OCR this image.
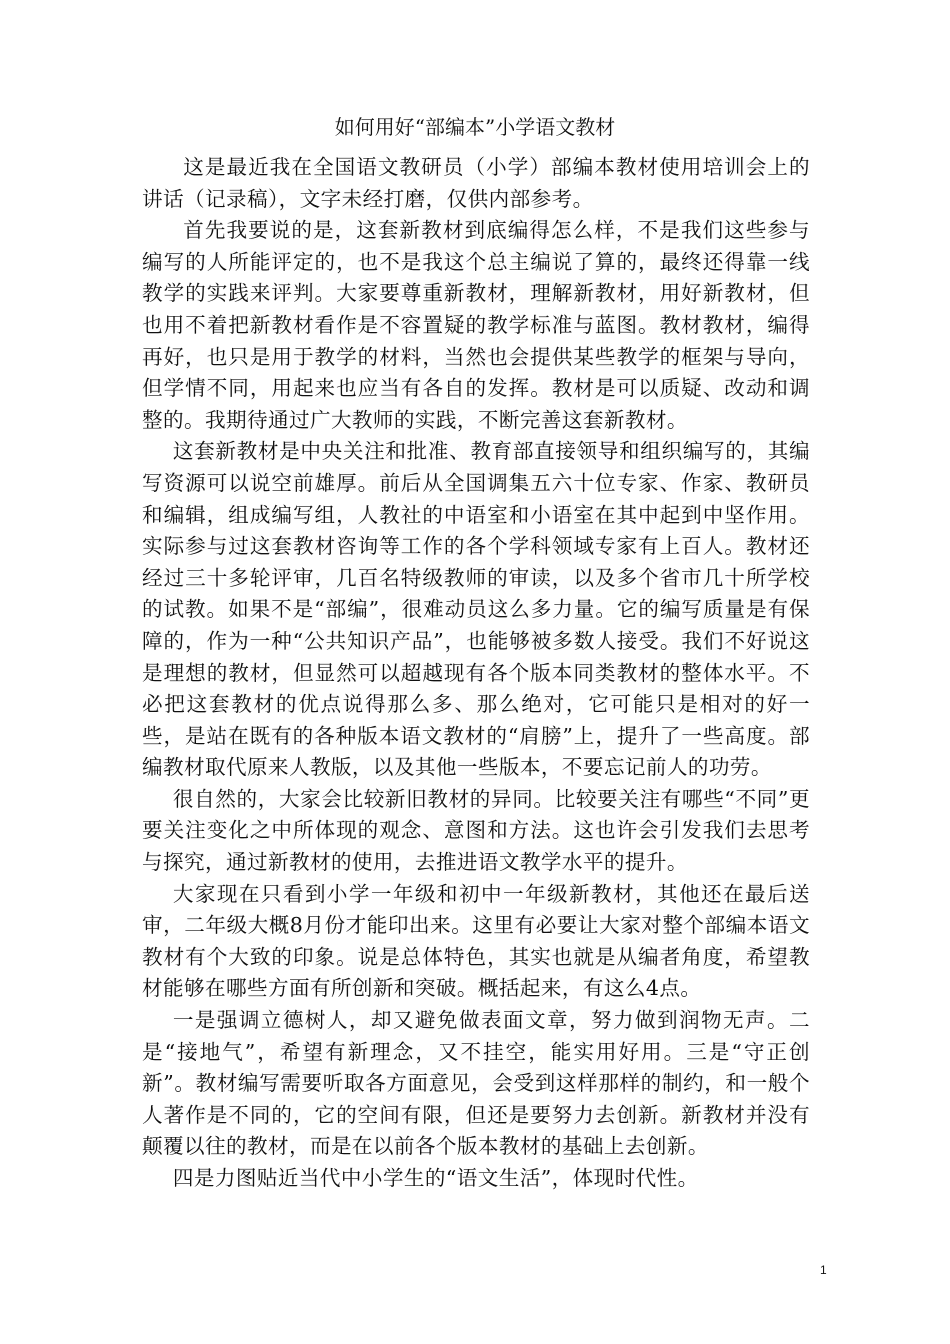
如何用好“部编本”小学语文教材

这是最近我在全国语文教研员（小学）部编本教材使用培训会上的讲话（记录稿），文字未经打磨，仅供内部参考。

首先我要说的是，这套新教材到底编得怎么样，不是我们这些参与编写的人所能评定的，也不是我这个总主编说了算的，最终还得靠一线教学的实践来评判。大家要尊重新教材，理解新教材，用好新教材，但也用不着把新教材看作是不容置疑的教学标准与蓝图。教材教材，编得再好，也只是用于教学的材料，当然也会提供某些教学的框架与导向，但学情不同，用起来也应当有各自的发挥。教材是可以质疑、改动和调整的。我期待通过广大教师的实践，不断完善这套新教材。

这套新教材是中央关注和批准、教育部直接领导和组织编写的，其编写资源可以说空前雄厚。前后从全国调集五六十位专家、作家、教研员和编辑，组成编写组，人教社的中语室和小语室在其中起到中坚作用。实际参与过这套教材咨询等工作的各个学科领域专家有上百人。教材还经过三十多轮评审，几百名特级教师的审读，以及多个省市几十所学校的试教。如果不是“部编”，很难动员这么多力量。它的编写质量是有保障的，作为一种“公共知识产品”，也能够被多数人接受。我们不好说这是理想的教材，但显然可以超越现有各个版本同类教材的整体水平。不必把这套教材的优点说得那么多、那么绝对，它可能只是相对的好一些，是站在既有的各种版本语文教材的“肩膀”上，提升了一些高度。部编教材取代原来人教版，以及其他一些版本，不要忘记前人的功劳。

很自然的，大家会比较新旧教材的异同。比较要关注有哪些“不同”更要关注变化之中所体现的观念、意图和方法。这也许会引发我们去思考与探究，通过新教材的使用，去推进语文教学水平的提升。

大家现在只看到小学一年级和初中一年级新教材，其他还在最后送审，二年级大概8月份才能印出来。这里有必要让大家对整个部编本语文教材有个大致的印象。说是总体特色，其实也就是从编者角度，希望教材能够在哪些方面有所创新和突破。概括起来，有这么4点。

一是强调立德树人，却又避免做表面文章，努力做到润物无声。二是“接地气”，希望有新理念，又不挂空，能实用好用。三是“守正创新”。教材编写需要听取各方面意见，会受到这样那样的制约，和一般个人著作是不同的，它的空间有限，但还是要努力去创新。新教材并没有颠覆以往的教材，而是在以前各个版本教材的基础上去创新。

四是力图贴近当代中小学生的“语文生活”，体现时代性。

1
